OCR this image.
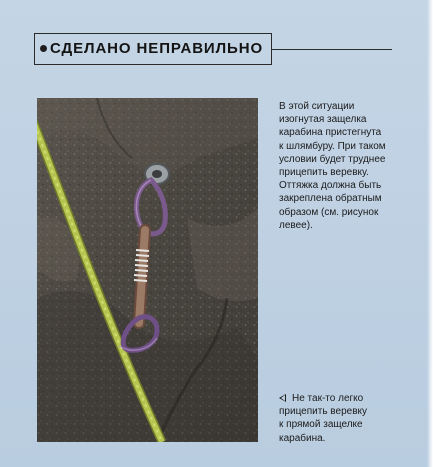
СДЕЛАНО НЕПРАВИЛЬНО
В этой ситуации
изогнутая защелка
карабина пристегнута
к шлямбуру. При таком
условии будет труднее
прицепить веревку.
Оттяжка должна быть
закреплена обратным
образом (см. рисунок
левее).
Не так-то легко
прицепить веревку
к прямой защелке
карабина.
